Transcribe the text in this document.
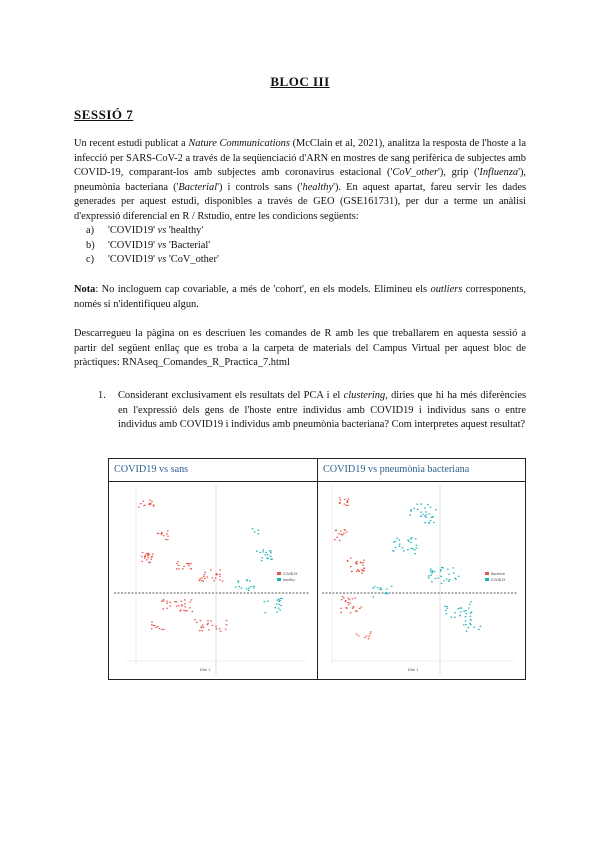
BLOC III
SESSIÓ 7
Un recent estudi publicat a Nature Communications (McClain et al, 2021), analitza la resposta de l'hoste a la infecció per SARS-CoV-2 a través de la seqüenciació d'ARN en mostres de sang perifèrica de subjectes amb COVID-19, comparant-los amb subjectes amb coronavirus estacional ('CoV_other'), grip ('Influenza'), pneumònia bacteriana ('Bacterial') i controls sans ('healthy'). En aquest apartat, fareu servir les dades generades per aquest estudi, disponibles a través de GEO (GSE161731), per dur a terme un anàlisi d'expressió diferencial en R / Rstudio, entre les condicions següents:
a) 'COVID19' vs 'healthy'
b) 'COVID19' vs 'Bacterial'
c) 'COVID19' vs 'CoV_other'
Nota: No incloguem cap covariable, a més de 'cohort', en els models. Elimineu els outliers corresponents, només si n'identifiqueu algun.
Descarregueu la pàgina on es descriuen les comandes de R amb les que treballarem en aquesta sessió a partir del següent enllaç que es troba a la carpeta de materials del Campus Virtual per aquest bloc de pràctiques: RNAseq_Comandes_R_Practica_7.html
1. Considerant exclusivament els resultats del PCA i el clustering, diries que hi ha més diferències en l'expressió dels gens de l'hoste entre individus amb COVID19 i individus sans o entre individus amb COVID19 i individus amb pneumònia bacteriana? Com interpretes aquest resultat?
COVID19 vs sans	COVID19 vs pneumònia bacteriana
COVID19
healthy
Dim 1
Bacterial
COVID19
Dim 1
